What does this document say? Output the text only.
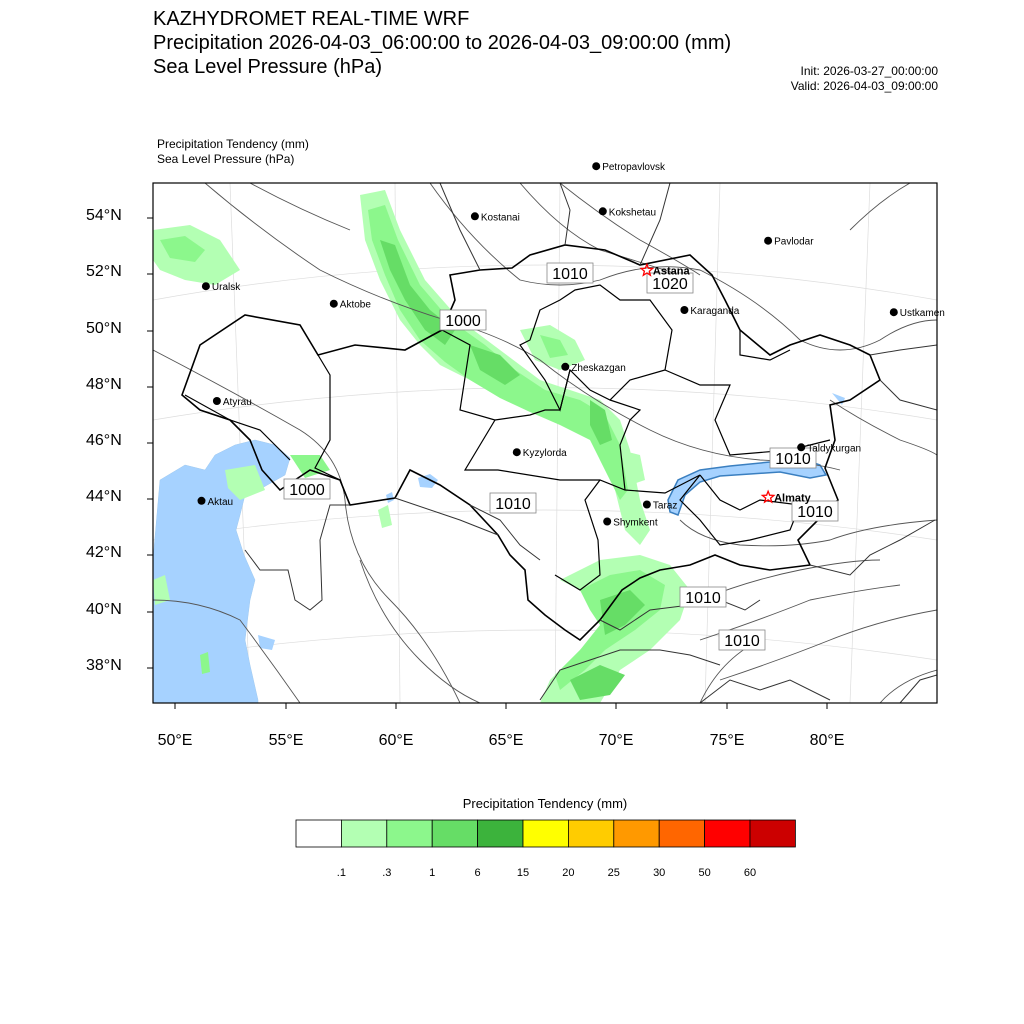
KAZHYDROMET REAL-TIME WRF
Precipitation 2026-04-03_06:00:00 to 2026-04-03_09:00:00 (mm)
Sea Level Pressure (hPa)	Init: 2026-03-27_00:00:00
Valid: 2026-04-03_09:00:00
Precipitation Tendency (mm)
Sea Level Pressure (hPa)
1010
1020
1000
1000
1010
1010
1010
1010
1010
Petropavlovsk
Kostanai	Kokshetau
Pavlodar
Uralsk
Astana
Aktobe
Ustkamen
Karaganda
Atyrau
Zheskazgan
Taldykurgan
Aktau
Kyzylorda
Almaty
Taraz
Shymkent
54°N
52°N
50°N
48°N
46°N
44°N
42°N
40°N
38°N
50°E	55°E	60°E	65°E	70°E	75°E	80°E
Precipitation Tendency (mm)
.1	.3	1	6	15	20	25	30	50	60
